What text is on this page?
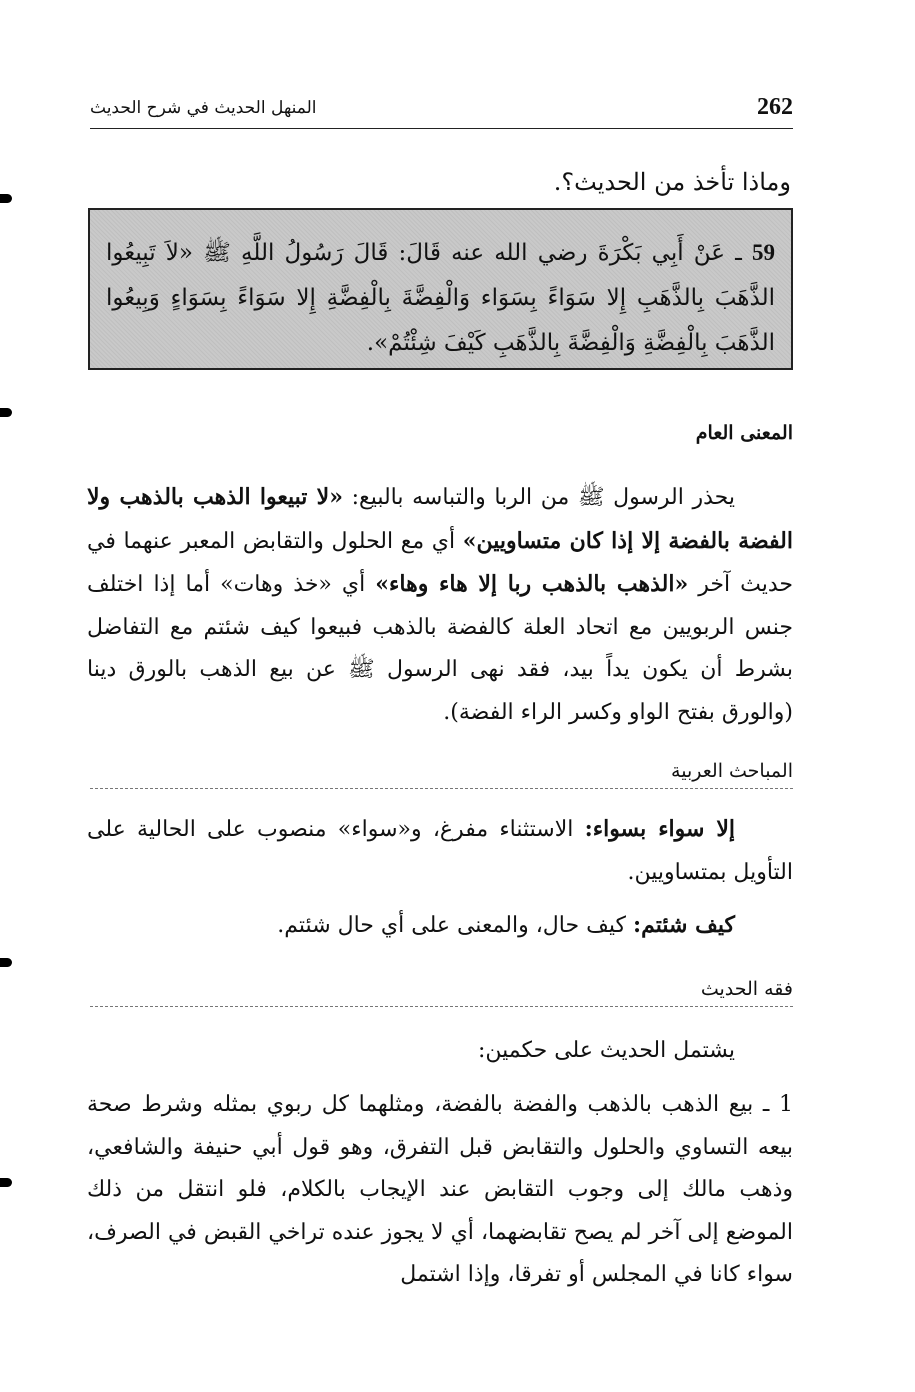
262
المنهل الحديث في شرح الحديث
وماذا تأخذ من الحديث؟.
59 ـ عَنْ أَبِي بَكْرَةَ رضي الله عنه قَالَ: قَالَ رَسُولُ اللَّهِ ﷺ «لاَ تَبِيعُوا الذَّهَبَ بِالذَّهَبِ إِلا سَوَاءً بِسَوَاء وَالْفِضَّةَ بِالْفِضَّةِ إِلا سَوَاءً بِسَوَاءٍ وَبِيعُوا الذَّهَبَ بِالْفِضَّةِ وَالْفِضَّةَ بِالذَّهَبِ كَيْفَ شِئْتُمْ».
المعنى العام
يحذر الرسول ﷺ من الربا والتباسه بالبيع: «لا تبيعوا الذهب بالذهب ولا الفضة بالفضة إلا إذا كان متساويين» أي مع الحلول والتقابض المعبر عنهما في حديث آخر «الذهب بالذهب ربا إلا هاء وهاء» أي «خذ وهات» أما إذا اختلف جنس الربويين مع اتحاد العلة كالفضة بالذهب فبيعوا كيف شئتم مع التفاضل بشرط أن يكون يداً بيد، فقد نهى الرسول ﷺ عن بيع الذهب بالورق دينا (والورق بفتح الواو وكسر الراء الفضة).
المباحث العربية
إلا سواء بسواء: الاستثناء مفرغ، و«سواء» منصوب على الحالية على التأويل بمتساويين.
كيف شئتم: كيف حال، والمعنى على أي حال شئتم.
فقه الحديث
يشتمل الحديث على حكمين:
1 ـ بيع الذهب بالذهب والفضة بالفضة، ومثلهما كل ربوي بمثله وشرط صحة بيعه التساوي والحلول والتقابض قبل التفرق، وهو قول أبي حنيفة والشافعي، وذهب مالك إلى وجوب التقابض عند الإيجاب بالكلام، فلو انتقل من ذلك الموضع إلى آخر لم يصح تقابضهما، أي لا يجوز عنده تراخي القبض في الصرف، سواء كانا في المجلس أو تفرقا، وإذا اشتمل
